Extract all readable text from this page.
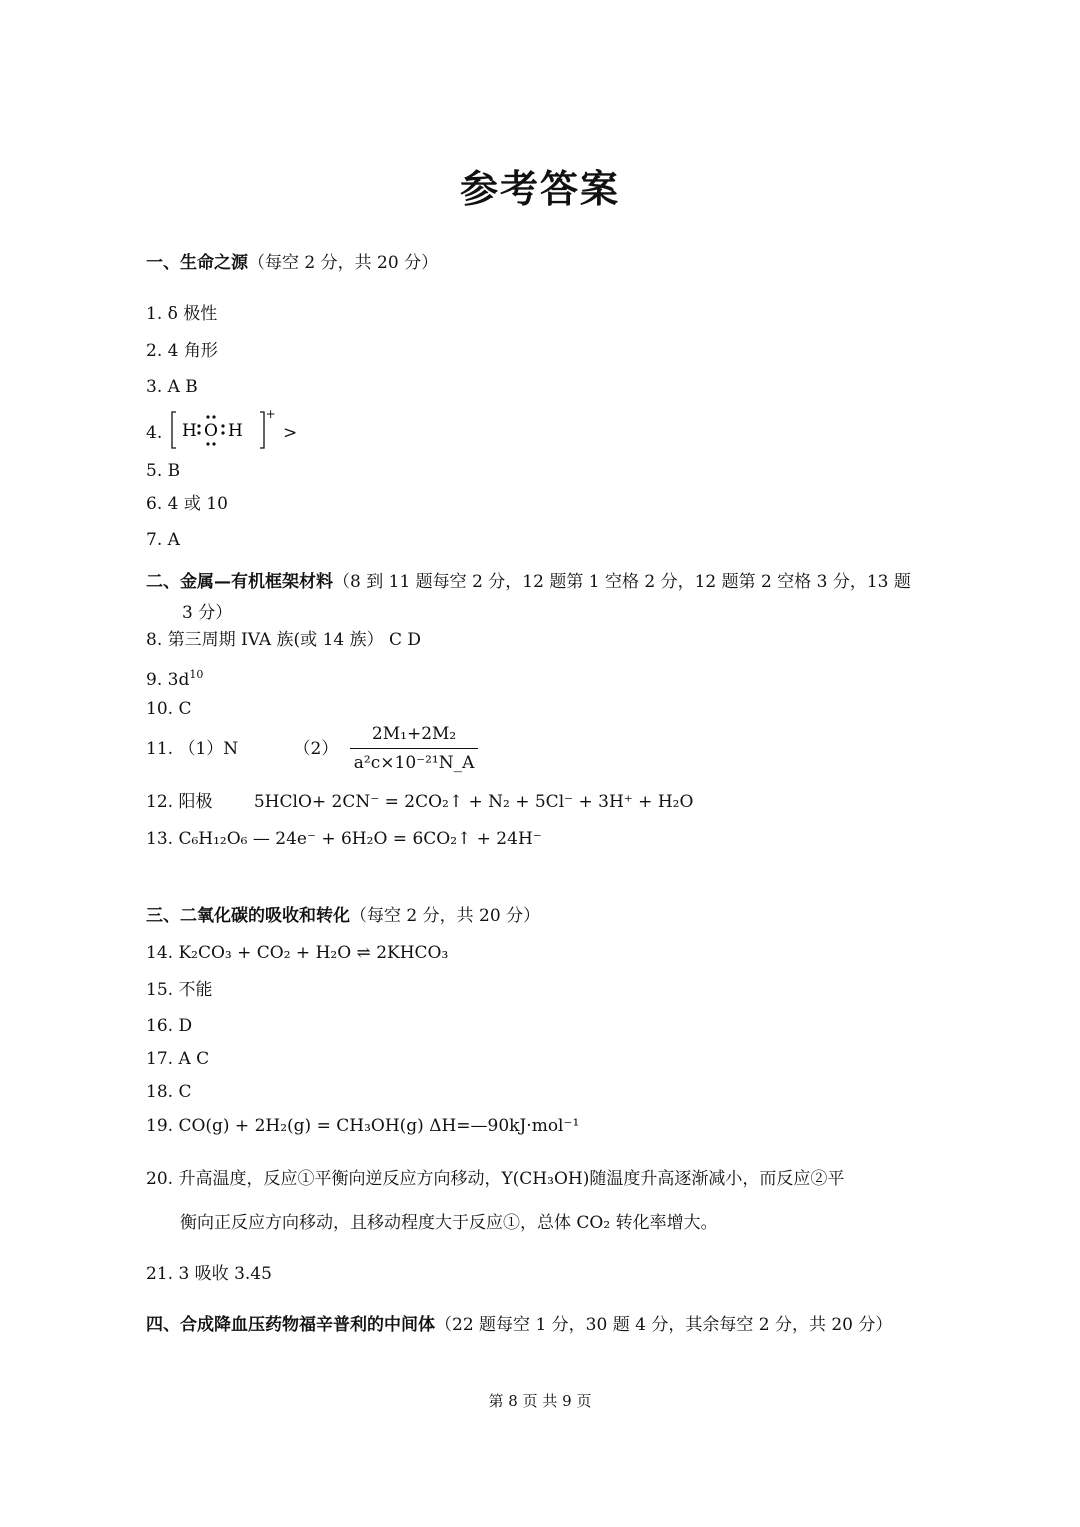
参考答案
一、生命之源（每空 2 分，共 20 分）
1. δ 极性
2. 4 角形
3. A B
4. H O H
+
>
5. B
6. 4 或 10
7. A
二、金属—有机框架材料（8 到 11 题每空 2 分，12 题第 1 空格 2 分，12 题第 2 空格 3 分，13 题
3 分）
8. 第三周期 IVA 族(或 14 族） C D
9. $3d^{10}$
10. C
11. （1）N	$(2) \frac{\text{2M₁+2M₂}}{\text{a²c×10⁻²¹N\_A}}$
12. 阳极 5HClO+ 2CN⁻ = 2CO₂↑ + N₂ + 5Cl⁻ + 3H⁺ + H₂O
13. C₆H₁₂O₆ — 24e⁻ + 6H₂O = 6CO₂↑ + 24H⁻
三、二氧化碳的吸收和转化（每空 2 分，共 20 分）
14. K₂CO₃ + CO₂ + H₂O ⇌ 2KHCO₃
15. 不能
16. D
17. A C
18. C
19. CO(g) + 2H₂(g) = CH₃OH(g) ΔH=—90kJ·mol⁻¹
20. 升高温度，反应①平衡向逆反应方向移动，Y(CH₃OH)随温度升高逐渐减小，而反应②平
衡向正反应方向移动，且移动程度大于反应①，总体 CO₂ 转化率增大。
21. 3 吸收 3.45
四、合成降血压药物福辛普利的中间体（22 题每空 1 分，30 题 4 分，其余每空 2 分，共 20 分）
第 8 页 共 9 页
